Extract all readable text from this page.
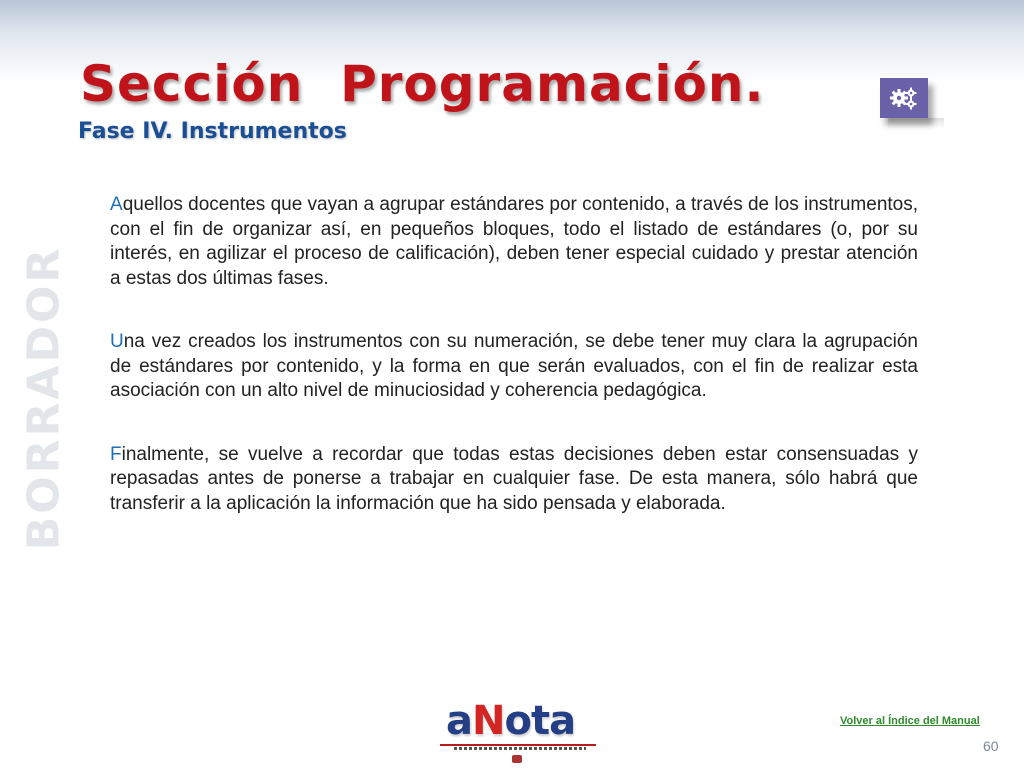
Sección  Programación.
Fase IV. Instrumentos
BORRADOR

Aquellos docentes que vayan a agrupar estándares por contenido, a través de los instrumentos, con el fin de organizar así, en pequeños bloques, todo el listado de estándares (o, por su interés, en agilizar el proceso de calificación), deben tener especial cuidado y prestar atención a estas dos últimas fases.

Una vez creados los instrumentos con su numeración, se debe tener muy clara la agrupación de estándares por contenido, y la forma en que serán evaluados, con el fin de realizar esta asociación con un alto nivel de minuciosidad y coherencia pedagógica.

Finalmente, se vuelve a recordar que todas estas decisiones deben estar consensuadas y repasadas antes de ponerse a trabajar en cualquier fase. De esta manera, sólo habrá que transferir a la aplicación la información que ha sido pensada y elaborada.

aNota	Volver al Índice del Manual
60
